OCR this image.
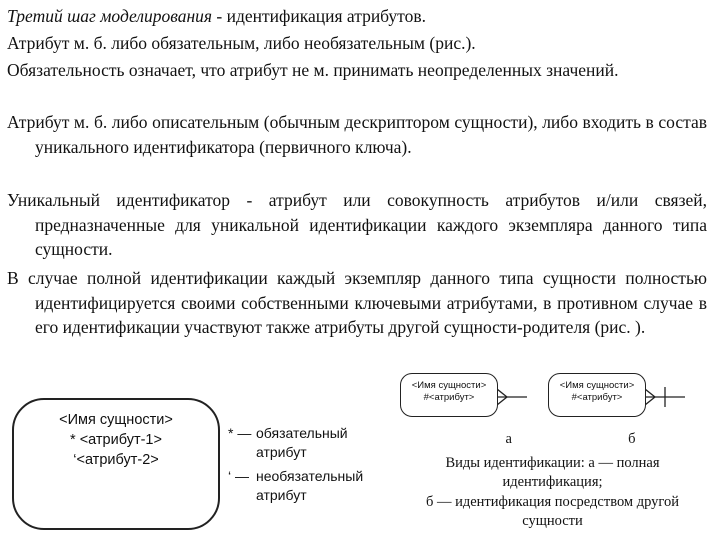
Третий шаг моделирования - идентификация атрибутов.

Атрибут м. б. либо обязательным, либо необязательным (рис.).

Обязательность означает, что атрибут не м. принимать неопределенных значений.

Атрибут м. б. либо описательным (обычным дескриптором сущности), либо входить в состав уникального идентификатора (первичного ключа).

Уникальный идентификатор - атрибут или совокупность атрибутов и/или связей, предназначенные для уникальной идентификации каждого экземпляра данного типа сущности.

В случае полной идентификации каждый экземпляр данного типа сущности полностью идентифицируется своими собственными ключевыми атрибутами, в противном случае в его идентификации участвуют также атрибуты другой сущности-родителя (рис. ).

<Имя сущности>
* <атрибут-1>
‘<атрибут-2>
* — обязательный атрибут
‘ — необязательный атрибут
<Имя сущности>
#<атрибут>
<Имя сущности>
#<атрибут>
а	б
Виды идентификации: а — полная
идентификация;
б — идентификация посредством другой
сущности
